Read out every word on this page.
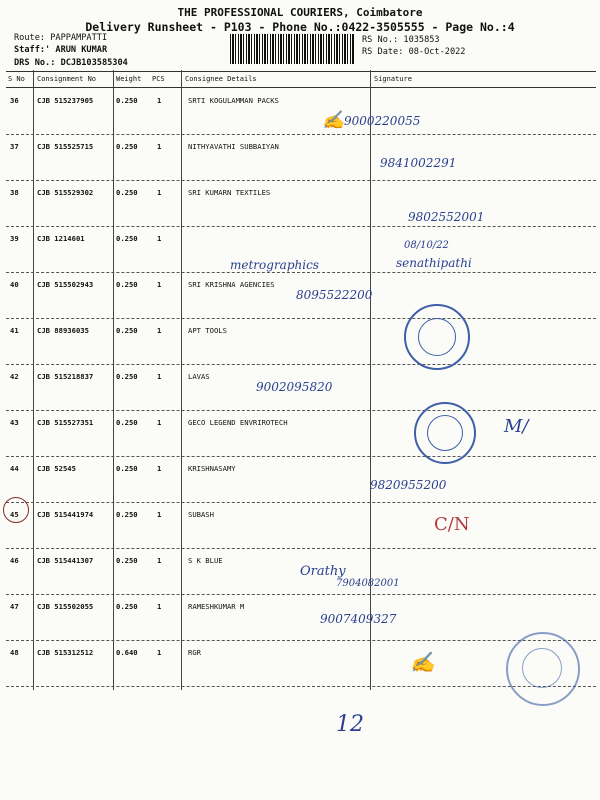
THE PROFESSIONAL COURIERS, Coimbatore
Delivery Runsheet - P103 - Phone No.:0422-3505555 - Page No.:4
Route: PAPPAMPATTI
Staff:' ARUN KUMAR
DRS No.: DCJB103585304
RS No.: 1035853
RS Date: 08-Oct-2022
S No Consignment No	Weight PCS	Consignee Details	Signature
36	CJB 515237905	0.250	1	SRTI KOGULAMMAN PACKS
37	CJB 515525715	0.250	1	NITHYAVATHI SUBBAIYAN
38	CJB 515529302	0.250	1	SRI KUMARN TEXTILES
39	CJB 1214601	0.250	1
40	CJB 515502943	0.250	1	SRI KRISHNA AGENCIES
41	CJB 88936035	0.250	1	APT TOOLS
42	CJB 515218837	0.250	1	LAVAS
43	CJB 515527351	0.250	1	GECO LEGEND ENVRIROTECH
44	CJB 52545	0.250	1	KRISHNASAMY
45	CJB 515441974	0.250	1	SUBASH
46	CJB 515441307	0.250	1	S K BLUE
47	CJB 515502055	0.250	1	RAMESHKUMAR M
48	CJB 515312512	0.640	1	RGR
✍ 9000220055
9841002291
9802552001
08/10/22
metrographics	senathipathi
8095522200
9002095820
M/
9820955200
C/N
Orathy
7904082001
9007409327
✍
12
